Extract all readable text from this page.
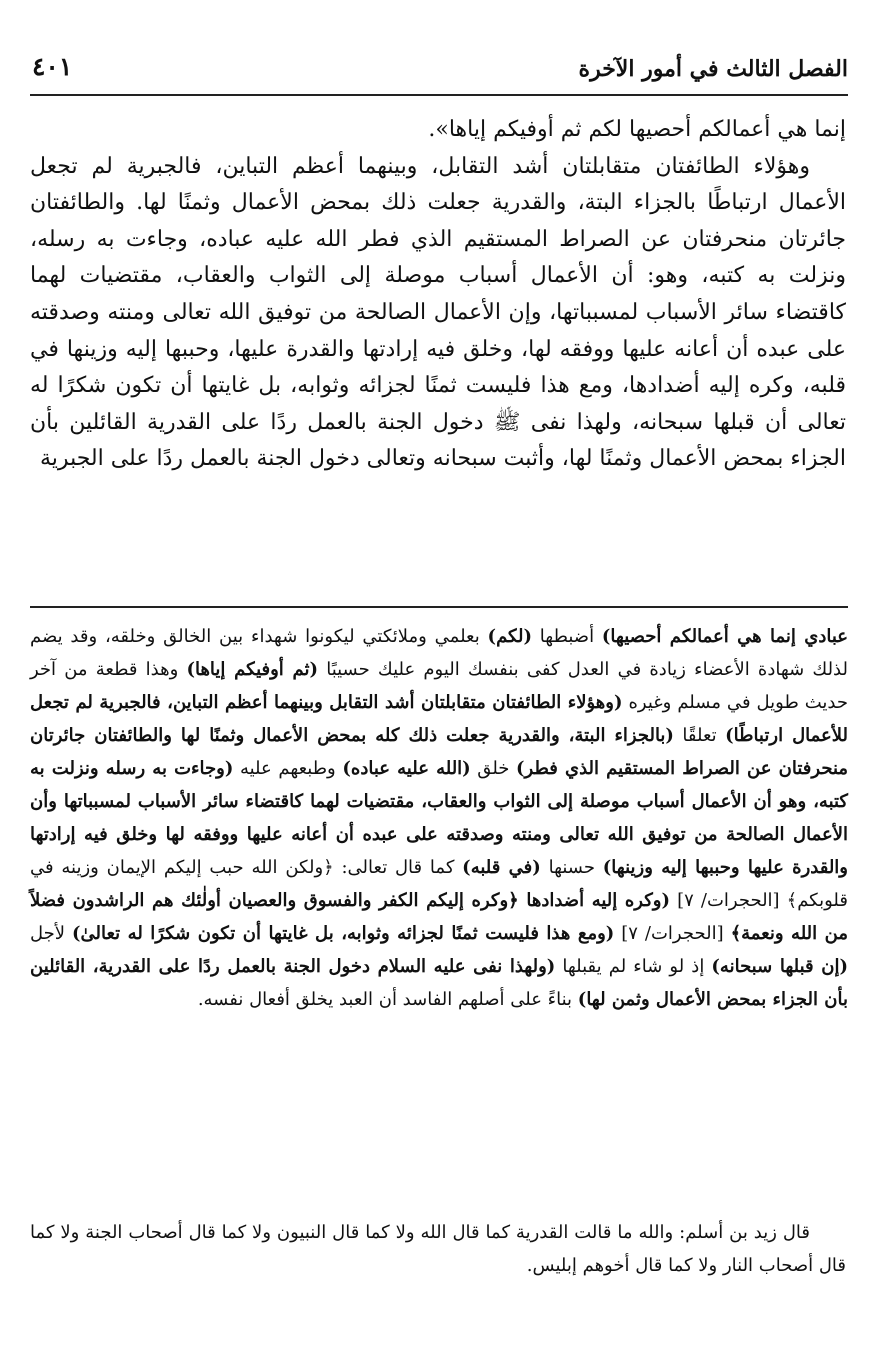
الفصل الثالث في أمور الآخرة
٤٠١

إنما هي أعمالكم أحصيها لكم ثم أوفيكم إياها».

وهؤلاء الطائفتان متقابلتان أشد التقابل، وبينهما أعظم التباين، فالجبرية لم تجعل الأعمال ارتباطًا بالجزاء البتة، والقدرية جعلت ذلك بمحض الأعمال وثمنًا لها. والطائفتان جائرتان منحرفتان عن الصراط المستقيم الذي فطر الله عليه عباده، وجاءت به رسله، ونزلت به كتبه، وهو: أن الأعمال أسباب موصلة إلى الثواب والعقاب، مقتضيات لهما كاقتضاء سائر الأسباب لمسبباتها، وإن الأعمال الصالحة من توفيق الله تعالى ومنته وصدقته على عبده أن أعانه عليها ووفقه لها، وخلق فيه إرادتها والقدرة عليها، وحببها إليه وزينها في قلبه، وكره إليه أضدادها، ومع هذا فليست ثمنًا لجزائه وثوابه، بل غايتها أن تكون شكرًا له تعالى أن قبلها سبحانه، ولهذا نفى ﷺ دخول الجنة بالعمل ردًا على القدرية القائلين بأن الجزاء بمحض الأعمال وثمنًا لها، وأثبت سبحانه وتعالى دخول الجنة بالعمل ردًا على الجبرية

عبادي إنما هي أعمالكم أحصيها) أضبطها (لكم) بعلمي وملائكتي ليكونوا شهداء بين الخالق وخلقه، وقد يضم لذلك شهادة الأعضاء زيادة في العدل كفى بنفسك اليوم عليك حسيبًا (ثم أوفيكم إياها) وهذا قطعة من آخر حديث طويل في مسلم وغيره (وهؤلاء الطائفتان متقابلتان أشد التقابل وبينهما أعظم التباين، فالجبرية لم تجعل للأعمال ارتباطًا) تعلقًا (بالجزاء البتة، والقدرية جعلت ذلك كله بمحض الأعمال وثمنًا لها والطائفتان جائرتان منحرفتان عن الصراط المستقيم الذي فطر) خلق (الله عليه عباده) وطبعهم عليه (وجاءت به رسله ونزلت به كتبه، وهو أن الأعمال أسباب موصلة إلى الثواب والعقاب، مقتضيات لهما كاقتضاء سائر الأسباب لمسبباتها وأن الأعمال الصالحة من توفيق الله تعالى ومنته وصدقته على عبده أن أعانه عليها ووفقه لها وخلق فيه إرادتها والقدرة عليها وحببها إليه وزينها) حسنها (في قلبه) كما قال تعالى: ﴿ولكن الله حبب إليكم الإيمان وزينه في قلوبكم﴾ [الحجرات/ ٧] (وكره إليه أضدادها ﴿وكره إليكم الكفر والفسوق والعصيان أولٰئك هم الراشدون فضلاً من الله ونعمة﴾ [الحجرات/ ٧] (ومع هذا فليست ثمنًا لجزائه وثوابه، بل غايتها أن تكون شكرًا له تعالىٰ) لأجل (إن قبلها سبحانه) إذ لو شاء لم يقبلها (ولهذا نفى عليه السلام دخول الجنة بالعمل ردًا على القدرية، القائلين بأن الجزاء بمحض الأعمال وثمن لها) بناءً على أصلهم الفاسد أن العبد يخلق أفعال نفسه.

قال زيد بن أسلم: والله ما قالت القدرية كما قال الله ولا كما قال النبيون ولا كما قال أصحاب الجنة ولا كما قال أصحاب النار ولا كما قال أخوهم إبليس.
